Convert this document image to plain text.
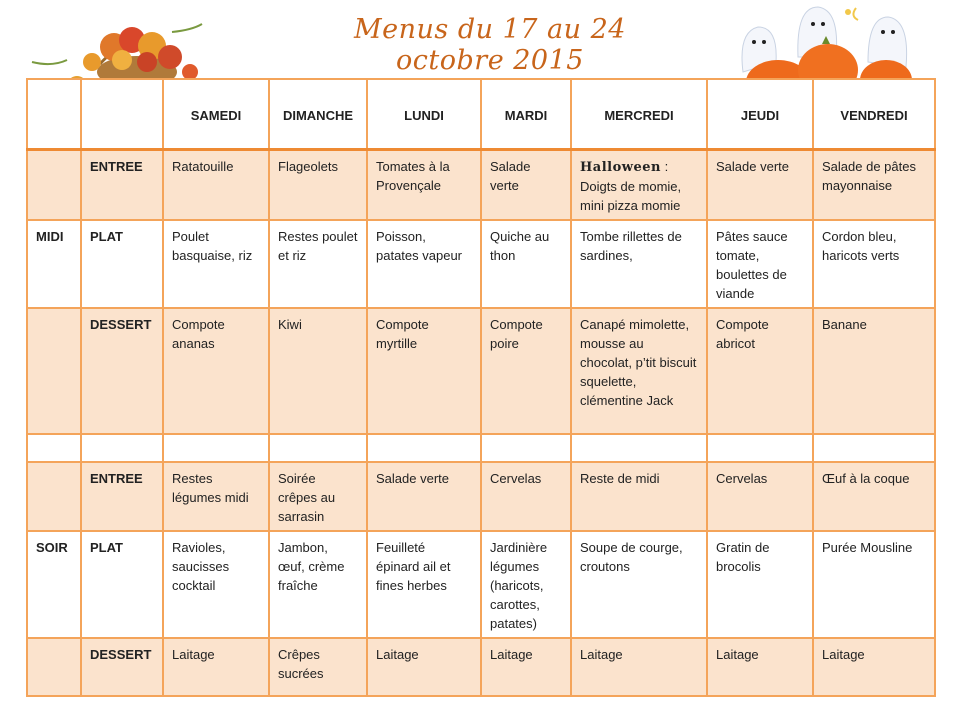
Menus du 17 au 24 octobre 2015
		SAMEDI	DIMANCHE	LUNDI	MARDI	MERCREDI	JEUDI	VENDREDI
	ENTREE	Ratatouille	Flageolets	Tomates à la Provençale	Salade verte	Halloween : Doigts de momie, mini pizza momie	Salade verte	Salade de pâtes mayonnaise
MIDI	PLAT	Poulet basquaise, riz	Restes poulet et riz	Poisson, patates vapeur	Quiche au thon	Tombe rillettes de sardines,	Pâtes sauce tomate, boulettes de viande	Cordon bleu, haricots verts
	DESSERT	Compote ananas	Kiwi	Compote myrtille	Compote poire	Canapé mimolette, mousse au chocolat, p’tit biscuit squelette, clémentine Jack	Compote abricot	Banane

	ENTREE	Restes légumes midi	Soirée crêpes au sarrasin	Salade verte	Cervelas	Reste de midi	Cervelas	Œuf à la coque
SOIR	PLAT	Ravioles, saucisses cocktail	Jambon, œuf, crème fraîche	Feuilleté épinard ail et fines herbes	Jardinière légumes (haricots, carottes, patates)	Soupe de courge, croutons	Gratin de brocolis	Purée Mousline
	DESSERT	Laitage	Crêpes sucrées	Laitage	Laitage	Laitage	Laitage	Laitage
